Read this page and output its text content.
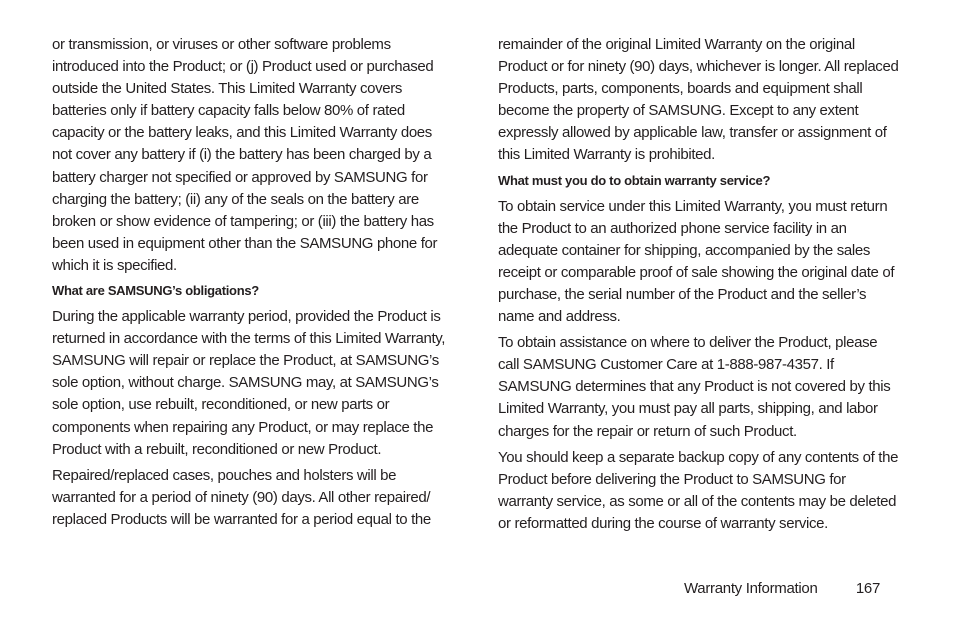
or transmission, or viruses or other software problems introduced into the Product; or (j) Product used or purchased outside the United States. This Limited Warranty covers batteries only if battery capacity falls below 80% of rated capacity or the battery leaks, and this Limited Warranty does not cover any battery if (i) the battery has been charged by a battery charger not specified or approved by SAMSUNG for charging the battery; (ii) any of the seals on the battery are broken or show evidence of tampering; or (iii) the battery has been used in equipment other than the SAMSUNG phone for which it is specified.

What are SAMSUNG’s obligations?

During the applicable warranty period, provided the Product is returned in accordance with the terms of this Limited Warranty, SAMSUNG will repair or replace the Product, at SAMSUNG’s sole option, without charge. SAMSUNG may, at SAMSUNG’s sole option, use rebuilt, reconditioned, or new parts or components when repairing any Product, or may replace the Product with a rebuilt, reconditioned or new Product.

Repaired/replaced cases, pouches and holsters will be warranted for a period of ninety (90) days. All other repaired/ replaced Products will be warranted for a period equal to the

remainder of the original Limited Warranty on the original Product or for ninety (90) days, whichever is longer. All replaced Products, parts, components, boards and equipment shall become the property of SAMSUNG. Except to any extent expressly allowed by applicable law, transfer or assignment of this Limited Warranty is prohibited.

What must you do to obtain warranty service?

To obtain service under this Limited Warranty, you must return the Product to an authorized phone service facility in an adequate container for shipping, accompanied by the sales receipt or comparable proof of sale showing the original date of purchase, the serial number of the Product and the seller’s name and address.

To obtain assistance on where to deliver the Product, please call SAMSUNG Customer Care at 1-888-987-4357. If SAMSUNG determines that any Product is not covered by this Limited Warranty, you must pay all parts, shipping, and labor charges for the repair or return of such Product.

You should keep a separate backup copy of any contents of the Product before delivering the Product to SAMSUNG for warranty service, as some or all of the contents may be deleted or reformatted during the course of warranty service.

Warranty Information	167
